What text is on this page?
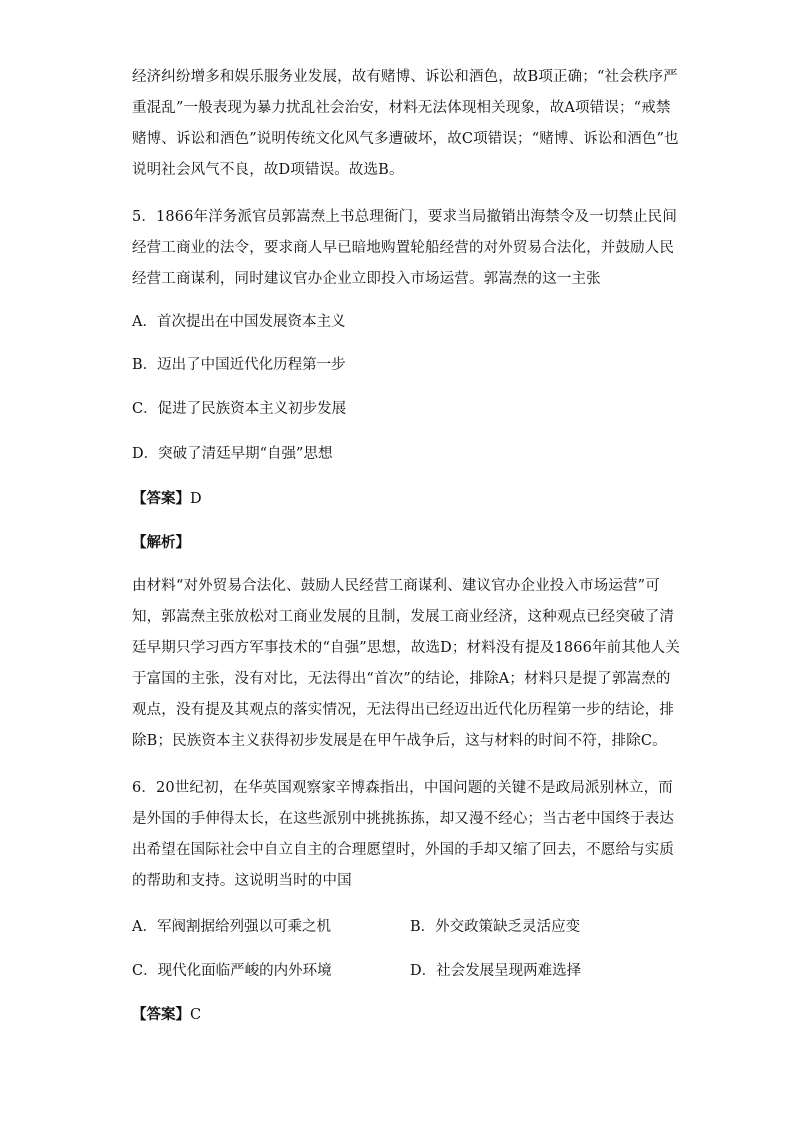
经济纠纷增多和娱乐服务业发展，故有赌博、诉讼和酒色，故B项正确；“社会秩序严
重混乱”一般表现为暴力扰乱社会治安，材料无法体现相关现象，故A项错误；“戒禁
赌博、诉讼和酒色”说明传统文化风气多遭破坏，故C项错误；“赌博、诉讼和酒色”也
说明社会风气不良，故D项错误。故选B。
5．1866年洋务派官员郭嵩焘上书总理衙门，要求当局撤销出海禁令及一切禁止民间
经营工商业的法令，要求商人早已暗地购置轮船经营的对外贸易合法化，并鼓励人民
经营工商谋利，同时建议官办企业立即投入市场运营。郭嵩焘的这一主张

A．首次提出在中国发展资本主义

B．迈出了中国近代化历程第一步

C．促进了民族资本主义初步发展

D．突破了清廷早期“自强”思想

【答案】D
【解析】
由材料“对外贸易合法化、鼓励人民经营工商谋利、建议官办企业投入市场运营”可
知，郭嵩焘主张放松对工商业发展的且制，发展工商业经济，这种观点已经突破了清
廷早期只学习西方军事技术的“自强”思想，故选D；材料没有提及1866年前其他人关
于富国的主张，没有对比，无法得出“首次”的结论，排除A；材料只是提了郭嵩焘的
观点，没有提及其观点的落实情况，无法得出已经迈出近代化历程第一步的结论，排
除B；民族资本主义获得初步发展是在甲午战争后，这与材料的时间不符，排除C。
6．20世纪初，在华英国观察家辛博森指出，中国问题的关键不是政局派别林立，而
是外国的手伸得太长，在这些派别中挑挑拣拣，却又漫不经心；当古老中国终于表达
出希望在国际社会中自立自主的合理愿望时，外国的手却又缩了回去，不愿给与实质
的帮助和支持。这说明当时的中国

A．军阀割据给列强以可乘之机	B．外交政策缺乏灵活应变

C．现代化面临严峻的内外环境	D．社会发展呈现两难选择

【答案】C
